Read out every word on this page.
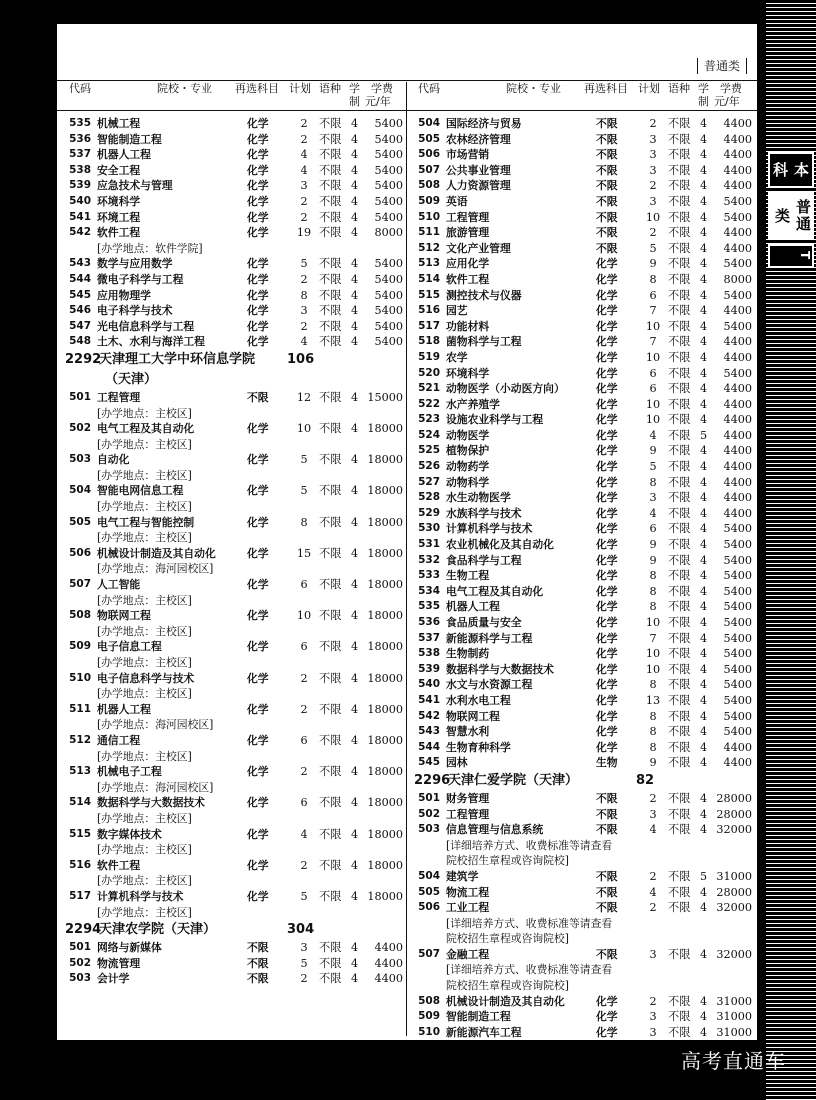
本科
普通类
T
普通类
代码	院校・专业 再选科目 计划 语种 学
制
学费
元/年
代码	院校・专业 再选科目 计划 语种 学
制
学费
元/年
535 机械工程	化学	2	不限 4	5400
536 智能制造工程	化学	2	不限 4	5400
537 机器人工程	化学	4	不限 4	5400
538 安全工程	化学	4	不限 4	5400
539 应急技术与管理	化学	3	不限 4	5400
540 环境科学	化学	2	不限 4	5400
541 环境工程	化学	2	不限 4	5400
542 软件工程	化学	19 不限 4	8000
[办学地点：软件学院]
543 数学与应用数学	化学	5	不限 4	5400
544 微电子科学与工程	化学	2	不限 4	5400
545 应用物理学	化学	8	不限 4	5400
546 电子科学与技术	化学	3	不限 4	5400
547 光电信息科学与工程	化学	2	不限 4	5400
548 土木、水利与海洋工程	化学	4	不限 4	5400
2292
天津理工大学中环信息学院 106
（天津）
501 工程管理	不限	12 不限 4 15000
[办学地点：主校区]
502 电气工程及其自动化	化学	10 不限 4 18000
[办学地点：主校区]
503 自动化	化学	5	不限 4 18000
[办学地点：主校区]
504 智能电网信息工程	化学	5	不限 4 18000
[办学地点：主校区]
505 电气工程与智能控制	化学	8	不限 4 18000
[办学地点：主校区]
506 机械设计制造及其自动化	化学	15 不限 4 18000
[办学地点：海河园校区]
507 人工智能	化学	6	不限 4 18000
[办学地点：主校区]
508 物联网工程	化学	10 不限 4 18000
[办学地点：主校区]
509 电子信息工程	化学	6	不限 4 18000
[办学地点：主校区]
510 电子信息科学与技术	化学	2	不限 4 18000
[办学地点：主校区]
511 机器人工程	化学	2	不限 4 18000
[办学地点：海河园校区]
512 通信工程	化学	6	不限 4 18000
[办学地点：主校区]
513 机械电子工程	化学	2	不限 4 18000
[办学地点：海河园校区]
514 数据科学与大数据技术	化学	6	不限 4 18000
[办学地点：主校区]
515 数字媒体技术	化学	4	不限 4 18000
[办学地点：主校区]
516 软件工程	化学	2	不限 4 18000
[办学地点：主校区]
517 计算机科学与技术	化学	5	不限 4 18000
[办学地点：主校区]
2294
天津农学院（天津）	304
501 网络与新媒体	不限	3	不限 4	4400
502 物流管理	不限	5	不限 4	4400
503 会计学	不限	2	不限 4	4400
504 国际经济与贸易	不限	2	不限 4	4400
505 农林经济管理	不限	3	不限 4	4400
506 市场营销	不限	3	不限 4	4400
507 公共事业管理	不限	3	不限 4	4400
508 人力资源管理	不限	2	不限 4	4400
509 英语	不限	3	不限 4	5400
510 工程管理	不限	10 不限 4	5400
511 旅游管理	不限	2	不限 4	4400
512 文化产业管理	不限	5	不限 4	4400
513 应用化学	化学	9	不限 4	5400
514 软件工程	化学	8	不限 4	8000
515 测控技术与仪器	化学	6	不限 4	5400
516 园艺	化学	7	不限 4	4400
517 功能材料	化学	10 不限 4	5400
518 菌物科学与工程	化学	7	不限 4	4400
519 农学	化学	10 不限 4	4400
520 环境科学	化学	6	不限 4	5400
521 动物医学（小动医方向）	化学	6	不限 4	4400
522 水产养殖学	化学	10 不限 4	4400
523 设施农业科学与工程	化学	10 不限 4	4400
524 动物医学	化学	4	不限 5	4400
525 植物保护	化学	9	不限 4	4400
526 动物药学	化学	5	不限 4	4400
527 动物科学	化学	8	不限 4	4400
528 水生动物医学	化学	3	不限 4	4400
529 水族科学与技术	化学	4	不限 4	4400
530 计算机科学与技术	化学	6	不限 4	5400
531 农业机械化及其自动化	化学	9	不限 4	5400
532 食品科学与工程	化学	9	不限 4	5400
533 生物工程	化学	8	不限 4	5400
534 电气工程及其自动化	化学	8	不限 4	5400
535 机器人工程	化学	8	不限 4	5400
536 食品质量与安全	化学	10 不限 4	5400
537 新能源科学与工程	化学	7	不限 4	5400
538 生物制药	化学	10 不限 4	5400
539 数据科学与大数据技术	化学	10 不限 4	5400
540 水文与水资源工程	化学	8	不限 4	5400
541 水利水电工程	化学	13 不限 4	5400
542 物联网工程	化学	8	不限 4	5400
543 智慧水利	化学	8	不限 4	5400
544 生物育种科学	化学	8	不限 4	4400
545 园林	生物	9	不限 4	4400
2296
天津仁爱学院（天津）	82
501 财务管理	不限	2	不限 4 28000
502 工程管理	不限	3	不限 4 28000
503 信息管理与信息系统	不限	4	不限 4 32000
[详细培养方式、收费标准等请查看
院校招生章程或咨询院校]
504 建筑学	不限	2	不限 5 31000
505 物流工程	不限	4	不限 4 28000
506 工业工程	不限	2	不限 4 32000
[详细培养方式、收费标准等请查看
院校招生章程或咨询院校]
507 金融工程	不限	3	不限 4 32000
[详细培养方式、收费标准等请查看
院校招生章程或咨询院校]
508 机械设计制造及其自动化	化学	2	不限 4 31000
509 智能制造工程	化学	3	不限 4 31000
510 新能源汽车工程	化学	3	不限 4 31000
高考直通车
